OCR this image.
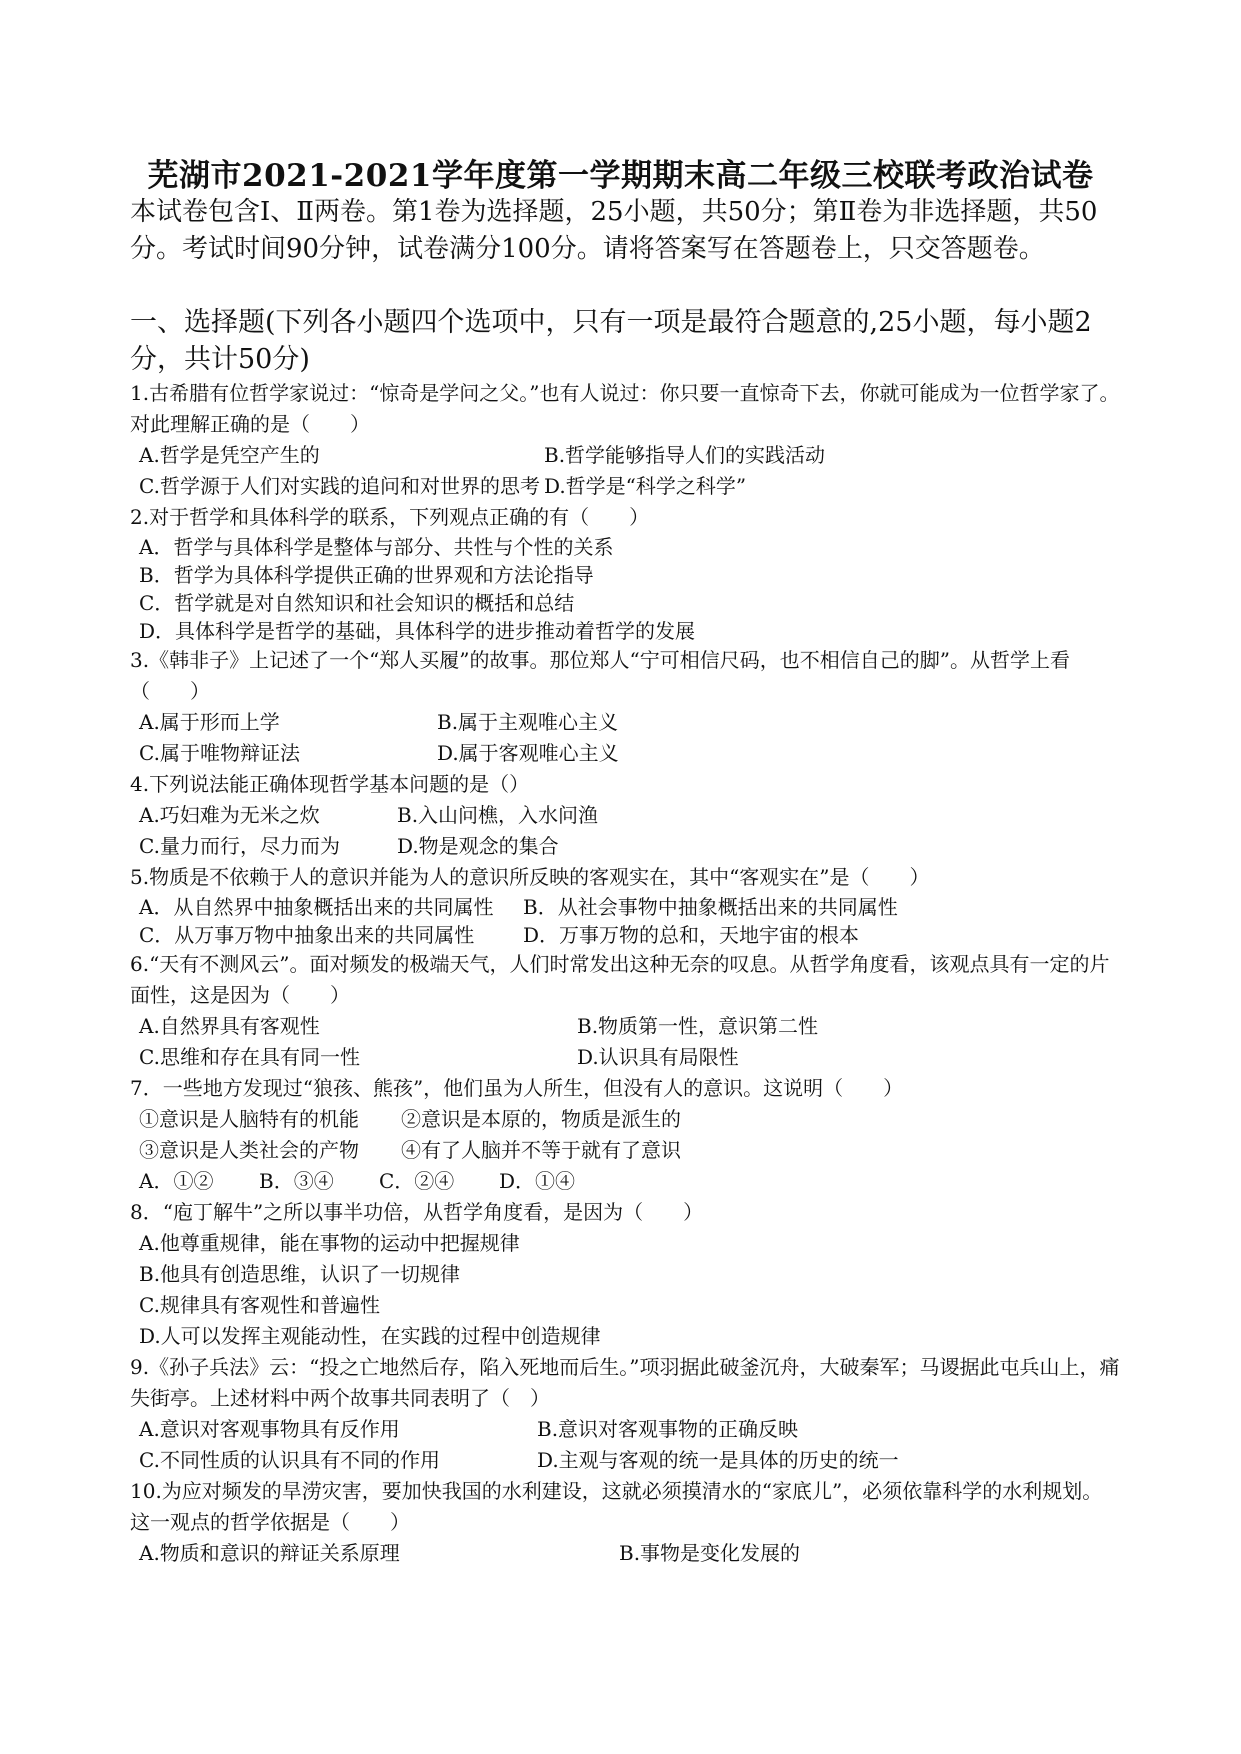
芜湖市2021-2021学年度第一学期期末高二年级三校联考政治试卷
本试卷包含Ⅰ、Ⅱ两卷。第1卷为选择题，25小题，共50分；第Ⅱ卷为非选择题，共50分。考试时间90分钟，试卷满分100分。请将答案写在答题卷上，只交答题卷。
一、选择题(下列各小题四个选项中，只有一项是最符合题意的,25小题，每小题2分，共计50分)

1.古希腊有位哲学家说过：“惊奇是学问之父。”也有人说过：你只要一直惊奇下去，你就可能成为一位哲学家了。对此理解正确的是（　　）

A.哲学是凭空产生的	B.哲学能够指导人们的实践活动
C.哲学源于人们对实践的追问和对世界的思考 D.哲学是“科学之科学”

2.对于哲学和具体科学的联系，下列观点正确的有（　　）

A．哲学与具体科学是整体与部分、共性与个性的关系
B．哲学为具体科学提供正确的世界观和方法论指导
C．哲学就是对自然知识和社会知识的概括和总结
D．具体科学是哲学的基础，具体科学的进步推动着哲学的发展

3.《韩非子》上记述了一个“郑人买履”的故事。那位郑人“宁可相信尺码，也不相信自己的脚”。从哲学上看（　　）

A.属于形而上学	B.属于主观唯心主义
C.属于唯物辩证法	D.属于客观唯心主义

4.下列说法能正确体现哲学基本问题的是（）

A.巧妇难为无米之炊	B.入山问樵，入水问渔
C.量力而行，尽力而为	D.物是观念的集合

5.物质是不依赖于人的意识并能为人的意识所反映的客观实在，其中“客观实在”是（　　）

A．从自然界中抽象概括出来的共同属性	B．从社会事物中抽象概括出来的共同属性
C．从万事万物中抽象出来的共同属性	D．万事万物的总和，天地宇宙的根本

6.“天有不测风云”。面对频发的极端天气，人们时常发出这种无奈的叹息。从哲学角度看，该观点具有一定的片面性，这是因为（　　）

A.自然界具有客观性	B.物质第一性，意识第二性
C.思维和存在具有同一性	D.认识具有局限性

7．一些地方发现过“狼孩、熊孩”，他们虽为人所生，但没有人的意识。这说明（　　）

①意识是人脑特有的机能	②意识是本原的，物质是派生的
③意识是人类社会的产物	④有了人脑并不等于就有了意识
A．①②	B．③④	C．②④	D．①④

8．“庖丁解牛”之所以事半功倍，从哲学角度看，是因为（　　）

A.他尊重规律，能在事物的运动中把握规律
B.他具有创造思维，认识了一切规律
C.规律具有客观性和普遍性
D.人可以发挥主观能动性，在实践的过程中创造规律

9.《孙子兵法》云：“投之亡地然后存，陷入死地而后生。”项羽据此破釜沉舟，大破秦军；马谡据此屯兵山上，痛失街亭。上述材料中两个故事共同表明了（　）

A.意识对客观事物具有反作用	B.意识对客观事物的正确反映
C.不同性质的认识具有不同的作用	D.主观与客观的统一是具体的历史的统一

10.为应对频发的旱涝灾害，要加快我国的水利建设，这就必须摸清水的“家底儿”，必须依靠科学的水利规划。这一观点的哲学依据是（　　）

A.物质和意识的辩证关系原理	B.事物是变化发展的
